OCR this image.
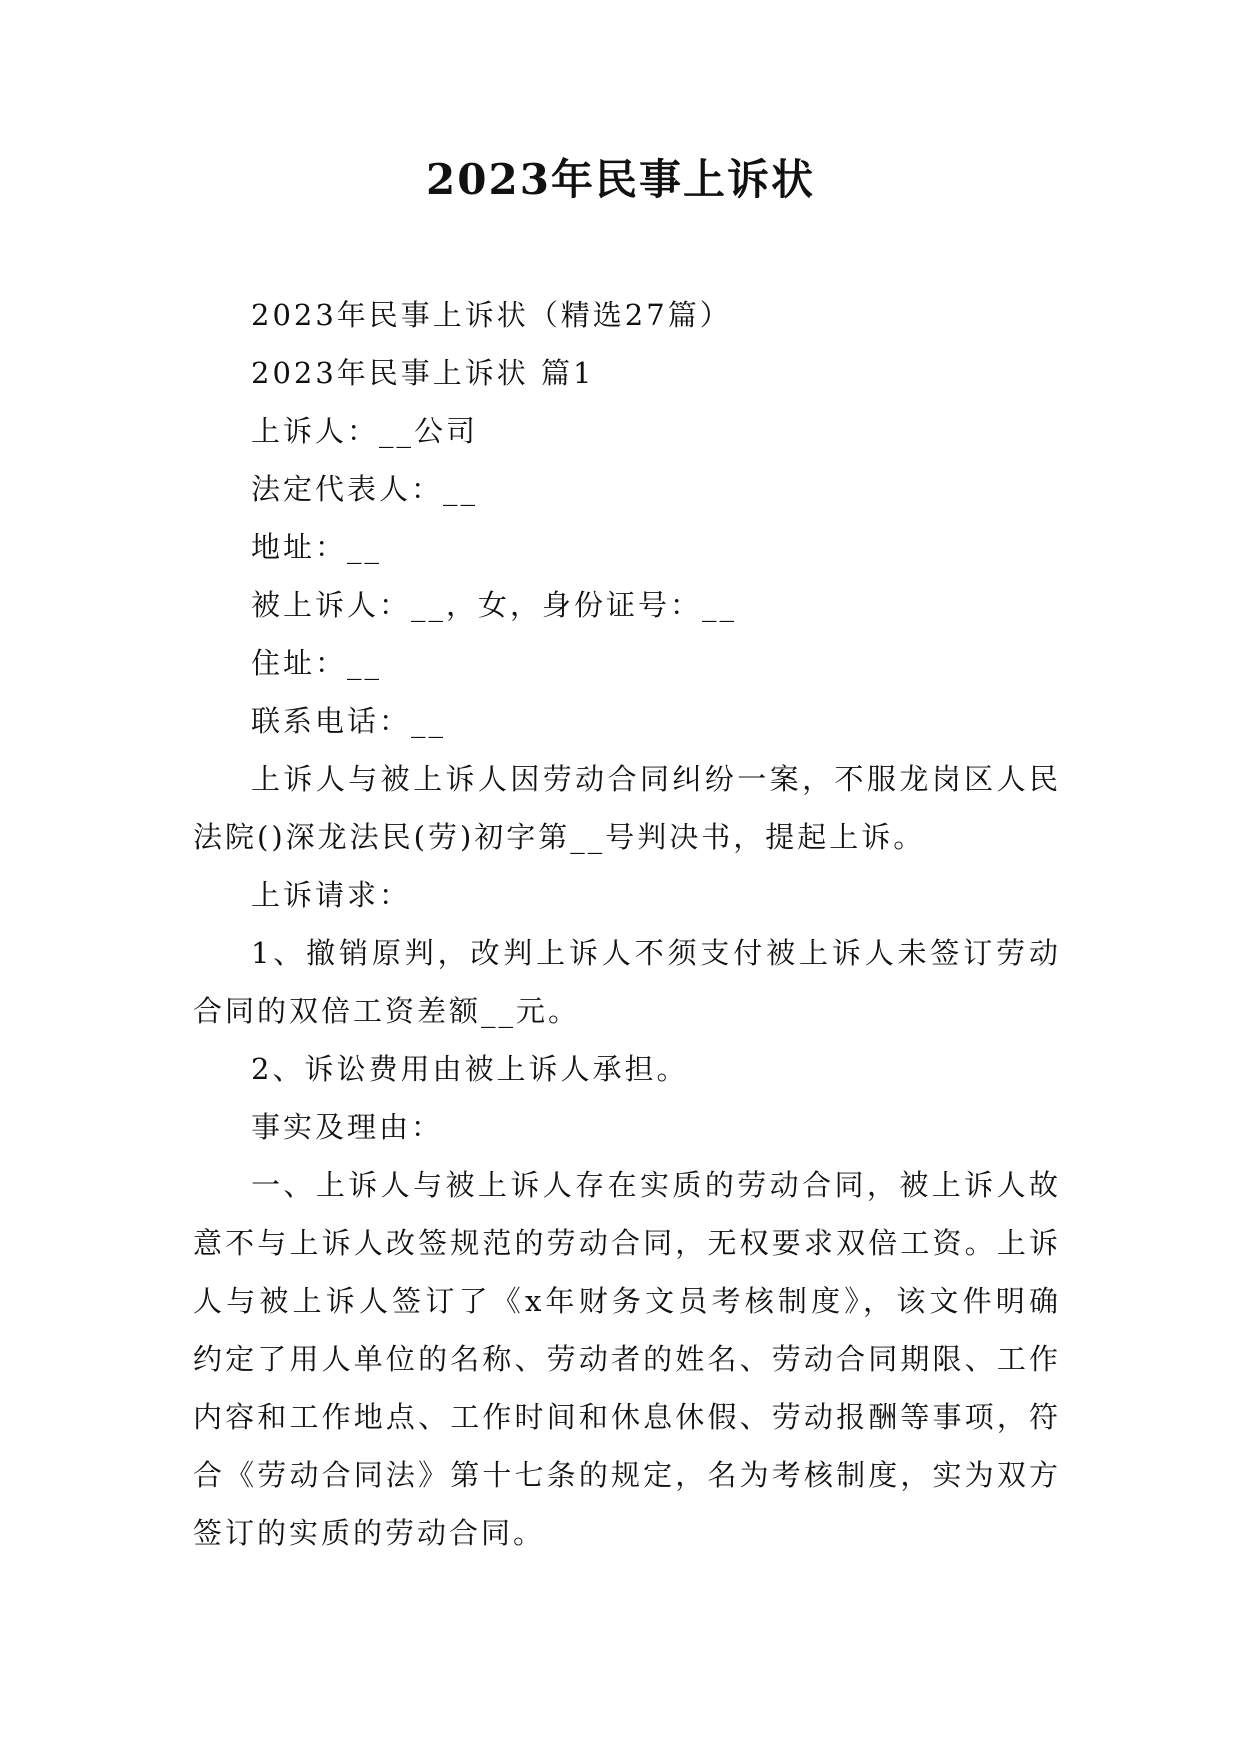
2023年民事上诉状

2023年民事上诉状（精选27篇）

2023年民事上诉状 篇1

上诉人：__公司

法定代表人：__

地址：__

被上诉人：__，女，身份证号：__

住址：__

联系电话：__

上诉人与被上诉人因劳动合同纠纷一案，不服龙岗区人民法院()深龙法民(劳)初字第__号判决书，提起上诉。

上诉请求：

1、撤销原判，改判上诉人不须支付被上诉人未签订劳动合同的双倍工资差额__元。

2、诉讼费用由被上诉人承担。

事实及理由：

一、上诉人与被上诉人存在实质的劳动合同，被上诉人故意不与上诉人改签规范的劳动合同，无权要求双倍工资。上诉人与被上诉人签订了《x年财务文员考核制度》，该文件明确约定了用人单位的名称、劳动者的姓名、劳动合同期限、工作内容和工作地点、工作时间和休息休假、劳动报酬等事项，符合《劳动合同法》第十七条的规定，名为考核制度，实为双方签订的实质的劳动合同。
